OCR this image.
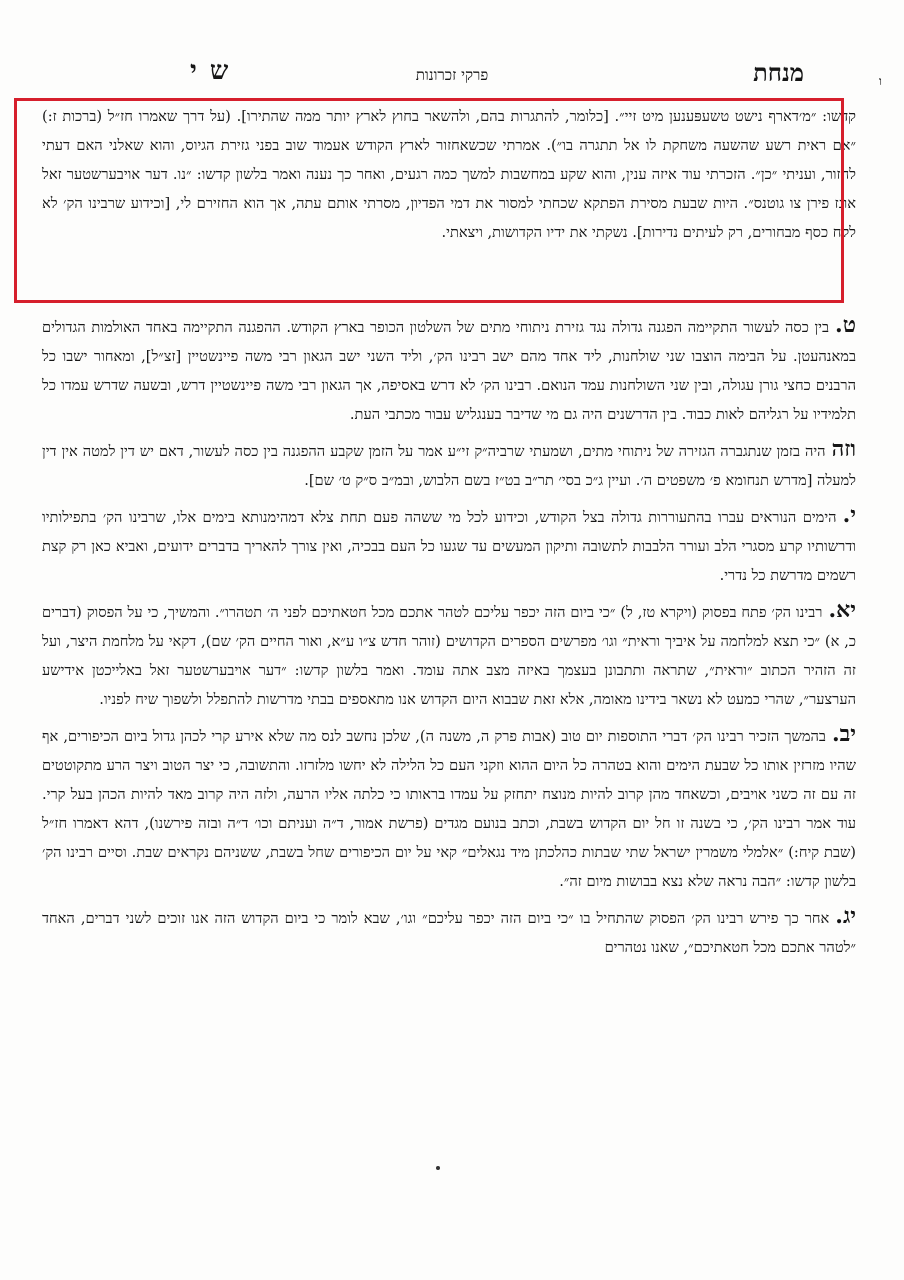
ש י	פרקי זכרונות	מנחת	ו

קדשו: ״מ׳דארף נישט טשעפּענען מיט זיי״. [כלומר, להתגרות בהם, ולהשאר בחוץ לארץ יותר ממה שהתירו]. (על דרך שאמרו חז״ל (ברכות ז:) ״אם ראית רשע שהשעה משחקת לו אל תתגרה בו״). אמרתי שכשאחזור לארץ הקודש אעמוד שוב בפני גזירת הגיוס, והוא שאלני האם דעתי לחזור, ועניתי ״כן״. הזכרתי עוד איזה ענין, והוא שקע במחשבות למשך כמה רגעים, ואחר כך נענה ואמר בלשון קדשו: ״נו. דער אויבערשטער זאל אונז פירן צו גוטנס״. היות שבעת מסירת הפתקא שכחתי למסור את דמי הפדיון, מסרתי אותם עתה, אך הוא החזירם לי, [וכידוע שרבינו הק׳ לא לקח כסף מבחורים, רק לעיתים נדירות]. נשקתי את ידיו הקדושות, ויצאתי.

ט.בין כסה לעשור התקיימה הפגנה גדולה נגד גזירת ניתוחי מתים של השלטון הכופר בארץ הקודש. ההפגנה התקיימה באחד האולמות הגדולים במאנהעטן. על הבימה הוצבו שני שולחנות, ליד אחד מהם ישב רבינו הק׳, וליד השני ישב הגאון רבי משה פיינשטיין [זצ״ל], ומאחור ישבו כל הרבנים כחצי גורן עגולה, ובין שני השולחנות עמד הנואם. רבינו הק׳ לא דרש באסיפה, אך הגאון רבי משה פיינשטיין דרש, ובשעה שדרש עמדו כל תלמידיו על רגליהם לאות כבוד. בין הדרשנים היה גם מי שדיבר בענגליש עבור מכתבי העת.

וזההיה בזמן שנתגברה הגזירה של ניתוחי מתים, ושמעתי שרביה״ק זי״ע אמר על הזמן שקבע ההפגנה בין כסה לעשור, דאם יש דין למטה אין דין למעלה [מדרש תנחומא פ׳ משפטים ה׳. ועיין ג״כ בסי׳ תר״ב בט״ז בשם הלבוש, ובמ״ב ס״ק ט׳ שם].

י.הימים הנוראים עברו בהתעוררות גדולה בצל הקודש, וכידוע לכל מי ששהה פעם תחת צלא דמהימנותא בימים אלו, שרבינו הק׳ בתפילותיו ודרשותיו קרע מסגרי הלב ועורר הלבבות לתשובה ותיקון המעשים עד שגעו כל העם בבכיה, ואין צורך להאריך בדברים ידועים, ואביא כאן רק קצת רשמים מדרשת כל נדרי.

יא.רבינו הק׳ פתח בפסוק (ויקרא טז, ל) ״כי ביום הזה יכפר עליכם לטהר אתכם מכל חטאתיכם לפני ה׳ תטהרו״. והמשיך, כי על הפסוק (דברים כ, א) ״כי תצא למלחמה על איביך וראית״ וגו׳ מפרשים הספרים הקדושים (זוהר חדש צ״ו ע״א, ואור החיים הק׳ שם), דקאי על מלחמת היצר, ועל זה הזהיר הכתוב ״וראית״, שתראה ותתבונן בעצמך באיזה מצב אתה עומד. ואמר בלשון קדשו: ״דער אויבערשטער זאל באלייכטן אידישע הערצער״, שהרי כמעט לא נשאר בידינו מאומה, אלא זאת שבבוא היום הקדוש אנו מתאספים בבתי מדרשות להתפלל ולשפוך שיח לפניו.

יב.בהמשך הזכיר רבינו הק׳ דברי התוספות יום טוב (אבות פרק ה, משנה ה), שלכן נחשב לנס מה שלא אירע קרי לכהן גדול ביום הכיפורים, אף שהיו מזרזין אותו כל שבעת הימים והוא בטהרה כל היום ההוא וזקני העם כל הלילה לא יחשו מלזרזו. והתשובה, כי יצר הטוב ויצר הרע מתקוטטים זה עם זה כשני אויבים, וכשאחד מהן קרוב להיות מנוצח יתחזק על עמדו בראותו כי כלתה אליו הרעה, ולזה היה קרוב מאד להיות הכהן בעל קרי. עוד אמר רבינו הק׳, כי בשנה זו חל יום הקדוש בשבת, וכתב בנועם מגדים (פרשת אמור, ד״ה ועניתם וכו׳ ד״ה ובזה פירשנו), דהא דאמרו חז״ל (שבת קיח:) ״אלמלי משמרין ישראל שתי שבתות כהלכתן מיד נגאלים״ קאי על יום הכיפורים שחל בשבת, ששניהם נקראים שבת. וסיים רבינו הק׳ בלשון קדשו: ״הבה נראה שלא נצא בבושות מיום זה״.

יג.אחר כך פירש רבינו הק׳ הפסוק שהתחיל בו ״כי ביום הזה יכפר עליכם״ וגו׳, שבא לומר כי ביום הקדוש הזה אנו זוכים לשני דברים, האחד ״לטהר אתכם מכל חטאתיכם״, שאנו נטהרים
